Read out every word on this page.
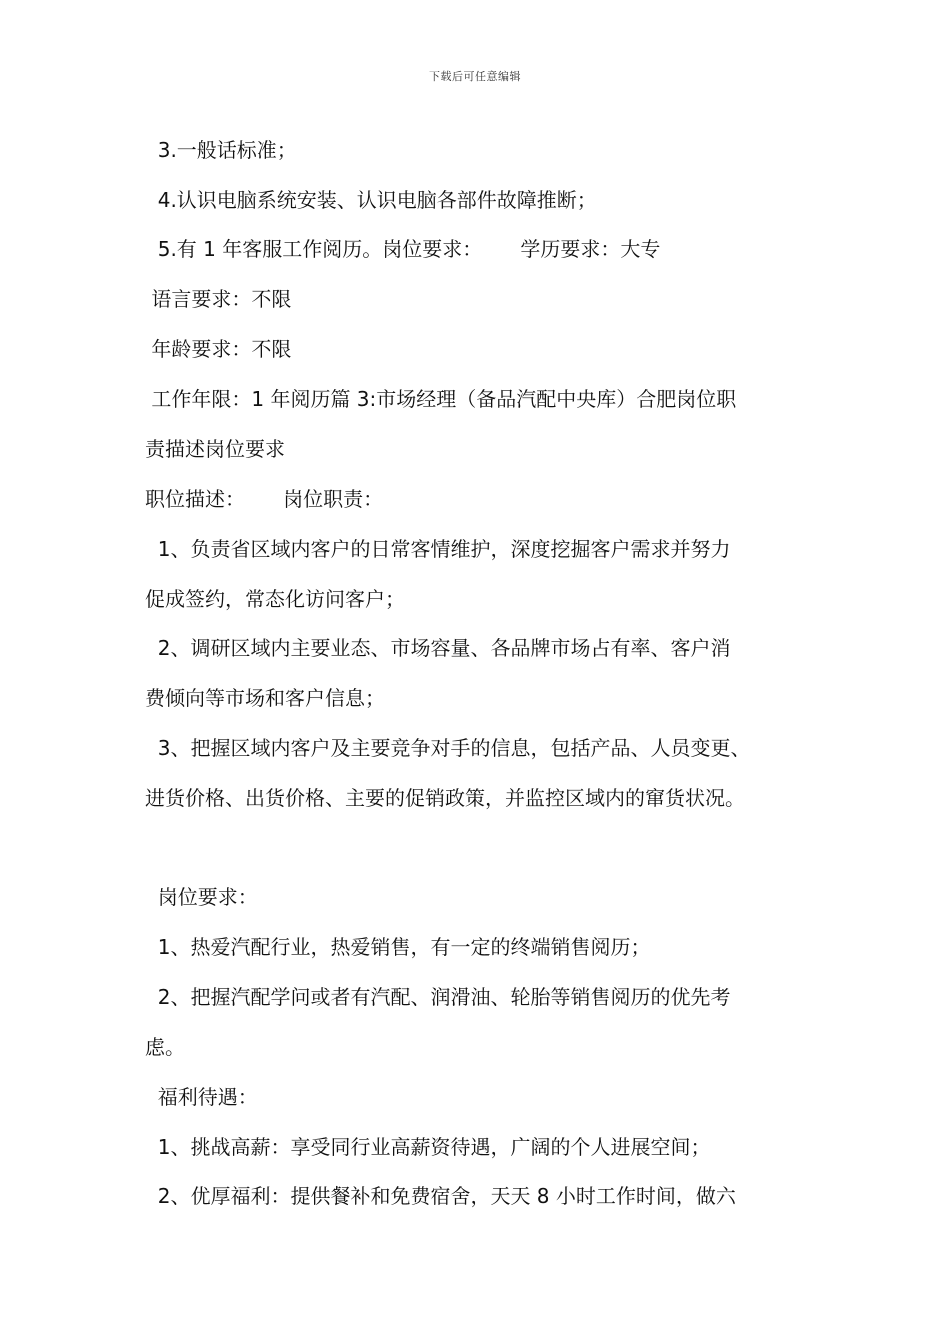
下载后可任意编辑
3.一般话标准；
4.认识电脑系统安装、认识电脑各部件故障推断；
5.有 1 年客服工作阅历。岗位要求：      学历要求：大专
语言要求：不限
年龄要求：不限
工作年限：1 年阅历篇 3:市场经理（备品汽配中央库）合肥岗位职
责描述岗位要求
职位描述：      岗位职责：
1、负责省区域内客户的日常客情维护，深度挖掘客户需求并努力
促成签约，常态化访问客户；
2、调研区域内主要业态、市场容量、各品牌市场占有率、客户消
费倾向等市场和客户信息；
3、把握区域内客户及主要竞争对手的信息，包括产品、人员变更、
进货价格、出货价格、主要的促销政策，并监控区域内的窜货状况。
岗位要求：
1、热爱汽配行业，热爱销售，有一定的终端销售阅历；
2、把握汽配学问或者有汽配、润滑油、轮胎等销售阅历的优先考
虑。
福利待遇：
1、挑战高薪：享受同行业高薪资待遇，广阔的个人进展空间；
2、优厚福利：提供餐补和免费宿舍，天天 8 小时工作时间，做六
